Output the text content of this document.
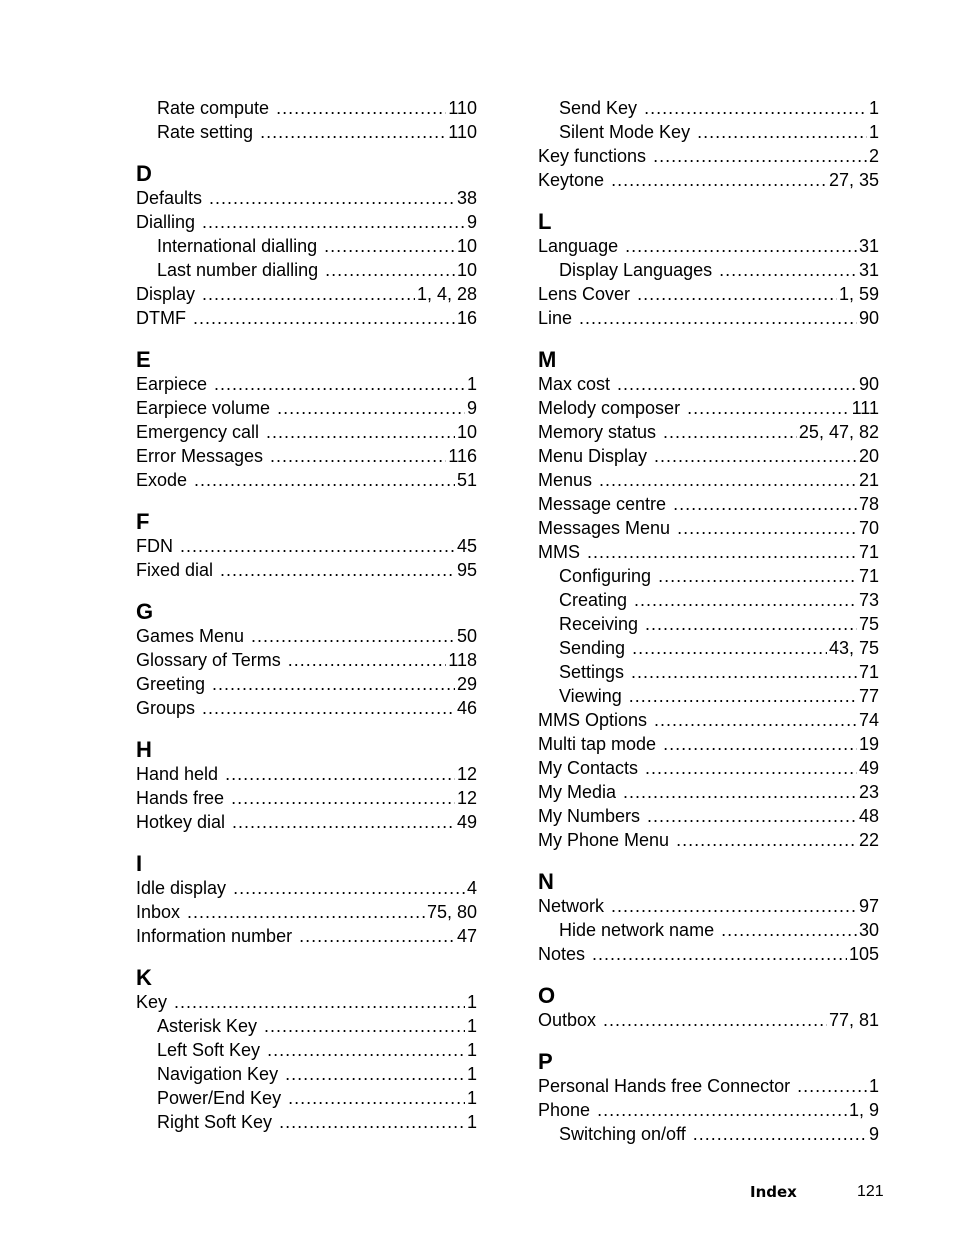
Rate compute .....	110
Rate setting .....	110
D
Defaults .....	38
Dialling .....	9
International dialling .....	10
Last number dialling .....	10
Display .....	1, 4, 28
DTMF .....	16
E
Earpiece .....	1
Earpiece volume .....	9
Emergency call .....	10
Error Messages .....	116
Exode .....	51
F
FDN .....	45
Fixed dial .....	95
G
Games Menu .....	50
Glossary of Terms .....	118
Greeting .....	29
Groups .....	46
H
Hand held .....	12
Hands free .....	12
Hotkey dial .....	49
I
Idle display .....	4
Inbox .....	75, 80
Information number .....	47
K
Key .....	1
Asterisk Key .....	1
Left Soft Key .....	1
Navigation Key .....	1
Power/End Key .....	1
Right Soft Key .....	1
Send Key .....	1
Silent Mode Key .....	1
Key functions .....	2
Keytone .....	27, 35
L
Language .....	31
Display Languages .....	31
Lens Cover .....	1, 59
Line .....	90
M
Max cost .....	90
Melody composer .....	111
Memory status .....	25, 47, 82
Menu Display .....	20
Menus .....	21
Message centre .....	78
Messages Menu .....	70
MMS .....	71
Configuring .....	71
Creating .....	73
Receiving .....	75
Sending .....	43, 75
Settings .....	71
Viewing .....	77
MMS Options .....	74
Multi tap mode .....	19
My Contacts .....	49
My Media .....	23
My Numbers .....	48
My Phone Menu .....	22
N
Network .....	97
Hide network name .....	30
Notes .....	105
O
Outbox .....	77, 81
P
Personal Hands free Connector .....	1
Phone .....	1, 9
Switching on/off .....	9
Index	121
